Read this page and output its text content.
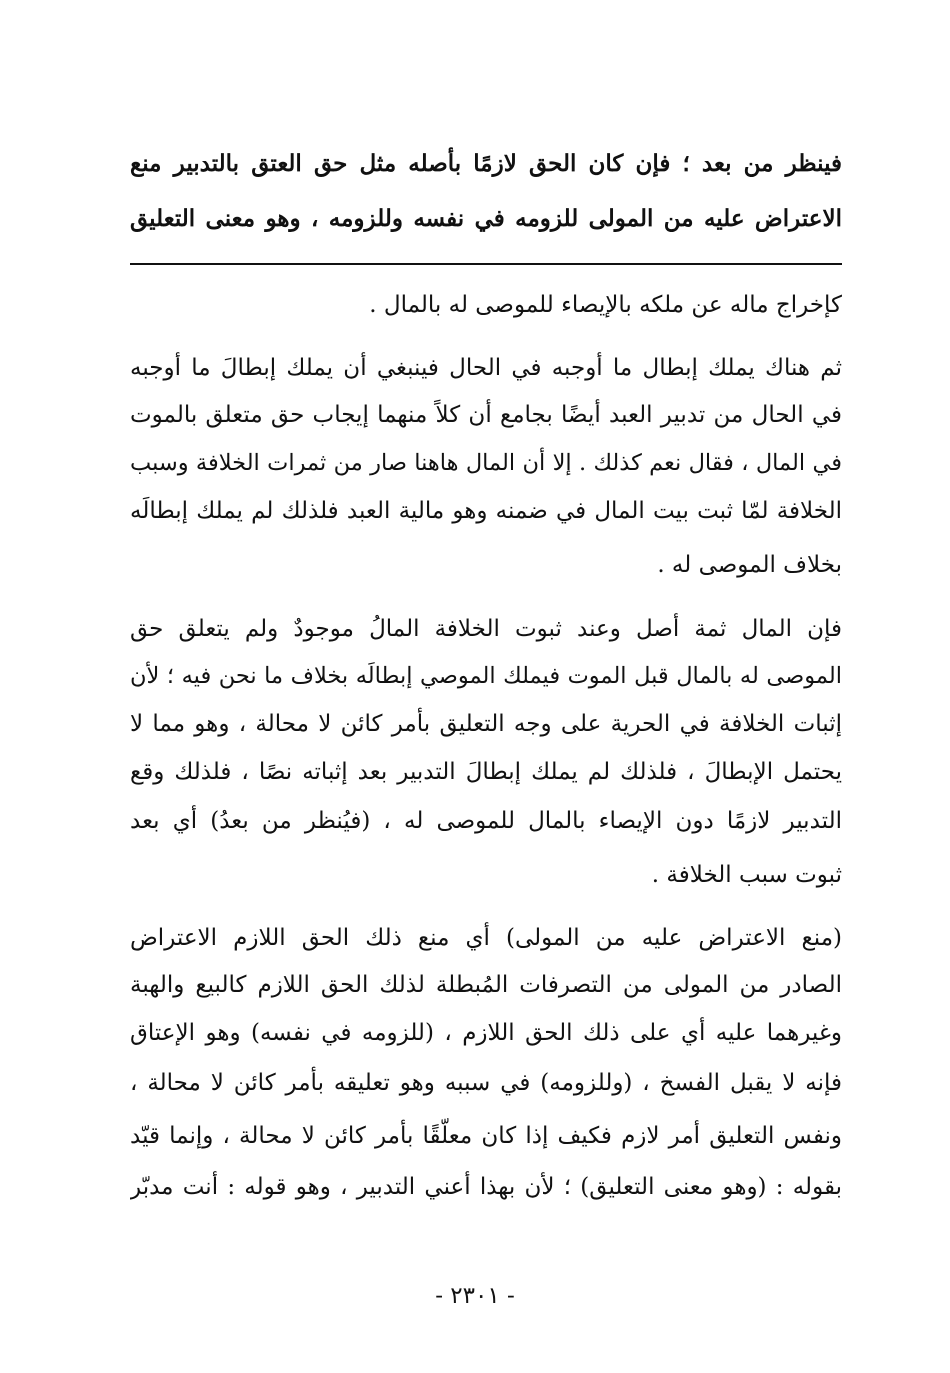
فينظر من بعد ؛ فإن كان الحق لازمًا بأصله مثل حق العتق بالتدبير منع
الاعتراض عليه من المولى للزومه في نفسه وللزومه ، وهو معنى التعليق
كإخراج ماله عن ملكه بالإيصاء للموصى له بالمال .
ثم هناك يملك إبطال ما أوجبه في الحال فينبغي أن يملك إبطالَ ما أوجبه
في الحال من تدبير العبد أيضًا بجامع أن كلاً منهما إيجاب حق متعلق بالموت
في المال ، فقال نعم كذلك . إلا أن المال هاهنا صار من ثمرات الخلافة وسبب
الخلافة لمّا ثبت بيت المال في ضمنه وهو مالية العبد فلذلك لم يملك إبطالَه
بخلاف الموصى له .
فإن المال ثمة أصل وعند ثبوت الخلافة المالُ موجودٌ ولم يتعلق حق
الموصى له بالمال قبل الموت فيملك الموصي إبطالَه بخلاف ما نحن فيه ؛ لأن
إثبات الخلافة في الحرية على وجه التعليق بأمر كائن لا محالة ، وهو مما لا
يحتمل الإبطالَ ، فلذلك لم يملك إبطالَ التدبير بعد إثباته نصًا ، فلذلك وقع
التدبير لازمًا دون الإيصاء بالمال للموصى له ، (فيُنظر من بعدُ) أي بعد
ثبوت سبب الخلافة .
(منع الاعتراض عليه من المولى) أي منع ذلك الحق اللازم الاعتراض
الصادر من المولى من التصرفات المُبطلة لذلك الحق اللازم كالبيع والهبة
وغيرهما عليه أي على ذلك الحق اللازم ، (للزومه في نفسه) وهو الإعتاق
فإنه لا يقبل الفسخ ، (وللزومه) في سببه وهو تعليقه بأمر كائن لا محالة ،
ونفس التعليق أمر لازم فكيف إذا كان معلّقًا بأمر كائن لا محالة ، وإنما قيّد
بقوله : (وهو معنى التعليق) ؛ لأن بهذا أعني التدبير ، وهو قوله : أنت مدبّر
- ٢٣٠١ -
